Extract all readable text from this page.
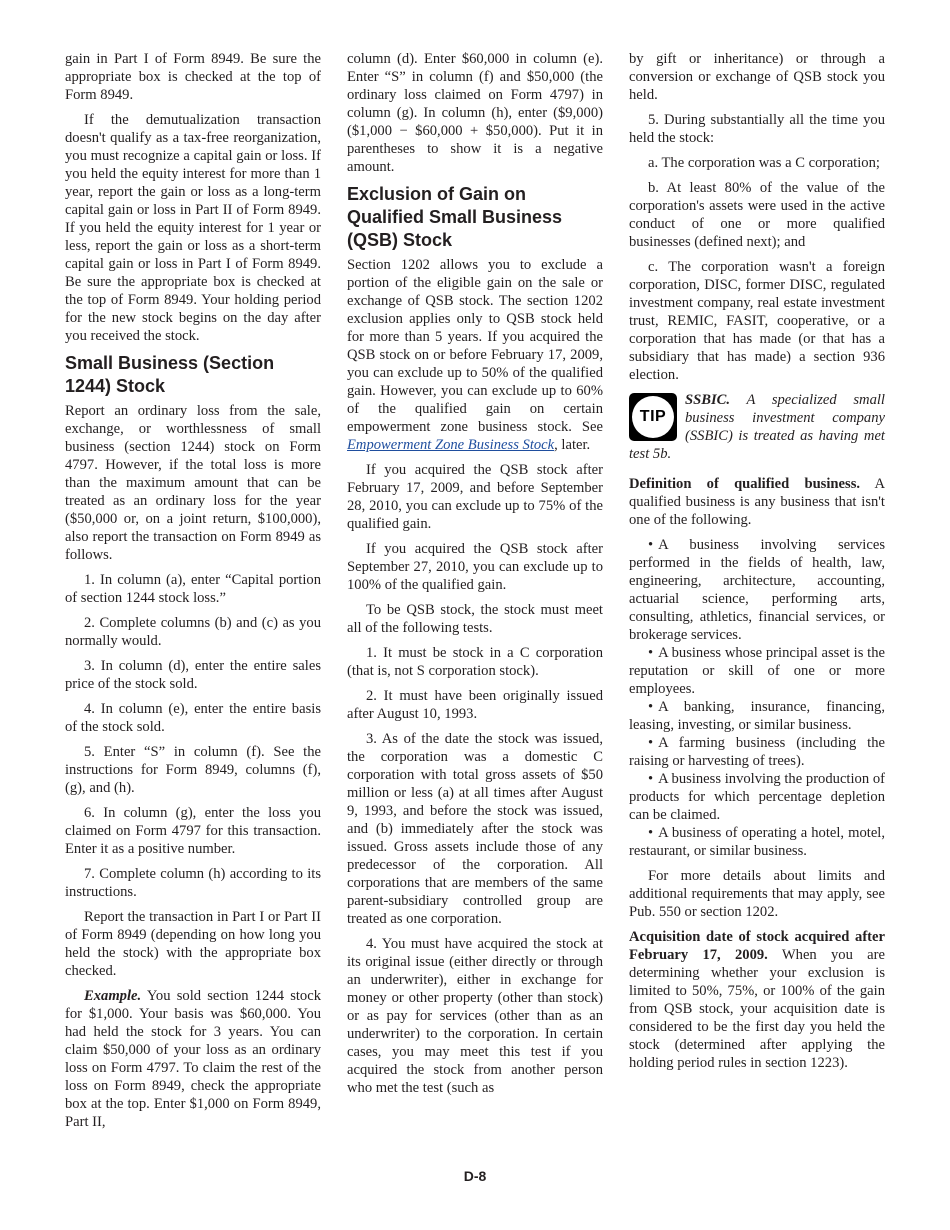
gain in Part I of Form 8949. Be sure the appropriate box is checked at the top of Form 8949.

If the demutualization transaction doesn't qualify as a tax-free reorganization, you must recognize a capital gain or loss. If you held the equity interest for more than 1 year, report the gain or loss as a long-term capital gain or loss in Part II of Form 8949. If you held the equity interest for 1 year or less, report the gain or loss as a short-term capital gain or loss in Part I of Form 8949. Be sure the appropriate box is checked at the top of Form 8949. Your holding period for the new stock begins on the day after you received the stock.

Small Business (Section 1244) Stock

Report an ordinary loss from the sale, exchange, or worthlessness of small business (section 1244) stock on Form 4797. However, if the total loss is more than the maximum amount that can be treated as an ordinary loss for the year ($50,000 or, on a joint return, $100,000), also report the transaction on Form 8949 as follows.

1. In column (a), enter “Capital portion of section 1244 stock loss.”

2. Complete columns (b) and (c) as you normally would.

3. In column (d), enter the entire sales price of the stock sold.

4. In column (e), enter the entire basis of the stock sold.

5. Enter “S” in column (f). See the instructions for Form 8949, columns (f), (g), and (h).

6. In column (g), enter the loss you claimed on Form 4797 for this transaction. Enter it as a positive number.

7. Complete column (h) according to its instructions.

Report the transaction in Part I or Part II of Form 8949 (depending on how long you held the stock) with the appropriate box checked.

Example. You sold section 1244 stock for $1,000. Your basis was $60,000. You had held the stock for 3 years. You can claim $50,000 of your loss as an ordinary loss on Form 4797. To claim the rest of the loss on Form 8949, check the appropriate box at the top. Enter $1,000 on Form 8949, Part II,

column (d). Enter $60,000 in column (e). Enter “S” in column (f) and $50,000 (the ordinary loss claimed on Form 4797) in column (g). In column (h), enter ($9,000) ($1,000 − $60,000 + $50,000). Put it in parentheses to show it is a negative amount.

Exclusion of Gain on Qualified Small Business (QSB) Stock

Section 1202 allows you to exclude a portion of the eligible gain on the sale or exchange of QSB stock. The section 1202 exclusion applies only to QSB stock held for more than 5 years. If you acquired the QSB stock on or before February 17, 2009, you can exclude up to 50% of the qualified gain. However, you can exclude up to 60% of the qualified gain on certain empowerment zone business stock. See Empowerment Zone Business Stock, later.

If you acquired the QSB stock after February 17, 2009, and before September 28, 2010, you can exclude up to 75% of the qualified gain.

If you acquired the QSB stock after September 27, 2010, you can exclude up to 100% of the qualified gain.

To be QSB stock, the stock must meet all of the following tests.

1. It must be stock in a C corporation (that is, not S corporation stock).

2. It must have been originally issued after August 10, 1993.

3. As of the date the stock was issued, the corporation was a domestic C corporation with total gross assets of $50 million or less (a) at all times after August 9, 1993, and before the stock was issued, and (b) immediately after the stock was issued. Gross assets include those of any predecessor of the corporation. All corporations that are members of the same parent-subsidiary controlled group are treated as one corporation.

4. You must have acquired the stock at its original issue (either directly or through an underwriter), either in exchange for money or other property (other than stock) or as pay for services (other than as an underwriter) to the corporation. In certain cases, you may meet this test if you acquired the stock from another person who met the test (such as

by gift or inheritance) or through a conversion or exchange of QSB stock you held.

5. During substantially all the time you held the stock:

a. The corporation was a C corporation;

b. At least 80% of the value of the corporation's assets were used in the active conduct of one or more qualified businesses (defined next); and

c. The corporation wasn't a foreign corporation, DISC, former DISC, regulated investment company, real estate investment trust, REMIC, FASIT, cooperative, or a corporation that has made (or that has a subsidiary that has made) a section 936 election.

TIP
SSBIC. A specialized small business investment company (SSBIC) is treated as having met test 5b.

Definition of qualified business. A qualified business is any business that isn't one of the following.

• A business involving services performed in the fields of health, law, engineering, architecture, accounting, actuarial science, performing arts, consulting, athletics, financial services, or brokerage services.

• A business whose principal asset is the reputation or skill of one or more employees.

• A banking, insurance, financing, leasing, investing, or similar business.

• A farming business (including the raising or harvesting of trees).

• A business involving the production of products for which percentage depletion can be claimed.

• A business of operating a hotel, motel, restaurant, or similar business.

For more details about limits and additional requirements that may apply, see Pub. 550 or section 1202.

Acquisition date of stock acquired after February 17, 2009. When you are determining whether your exclusion is limited to 50%, 75%, or 100% of the gain from QSB stock, your acquisition date is considered to be the first day you held the stock (determined after applying the holding period rules in section 1223).

D-8
